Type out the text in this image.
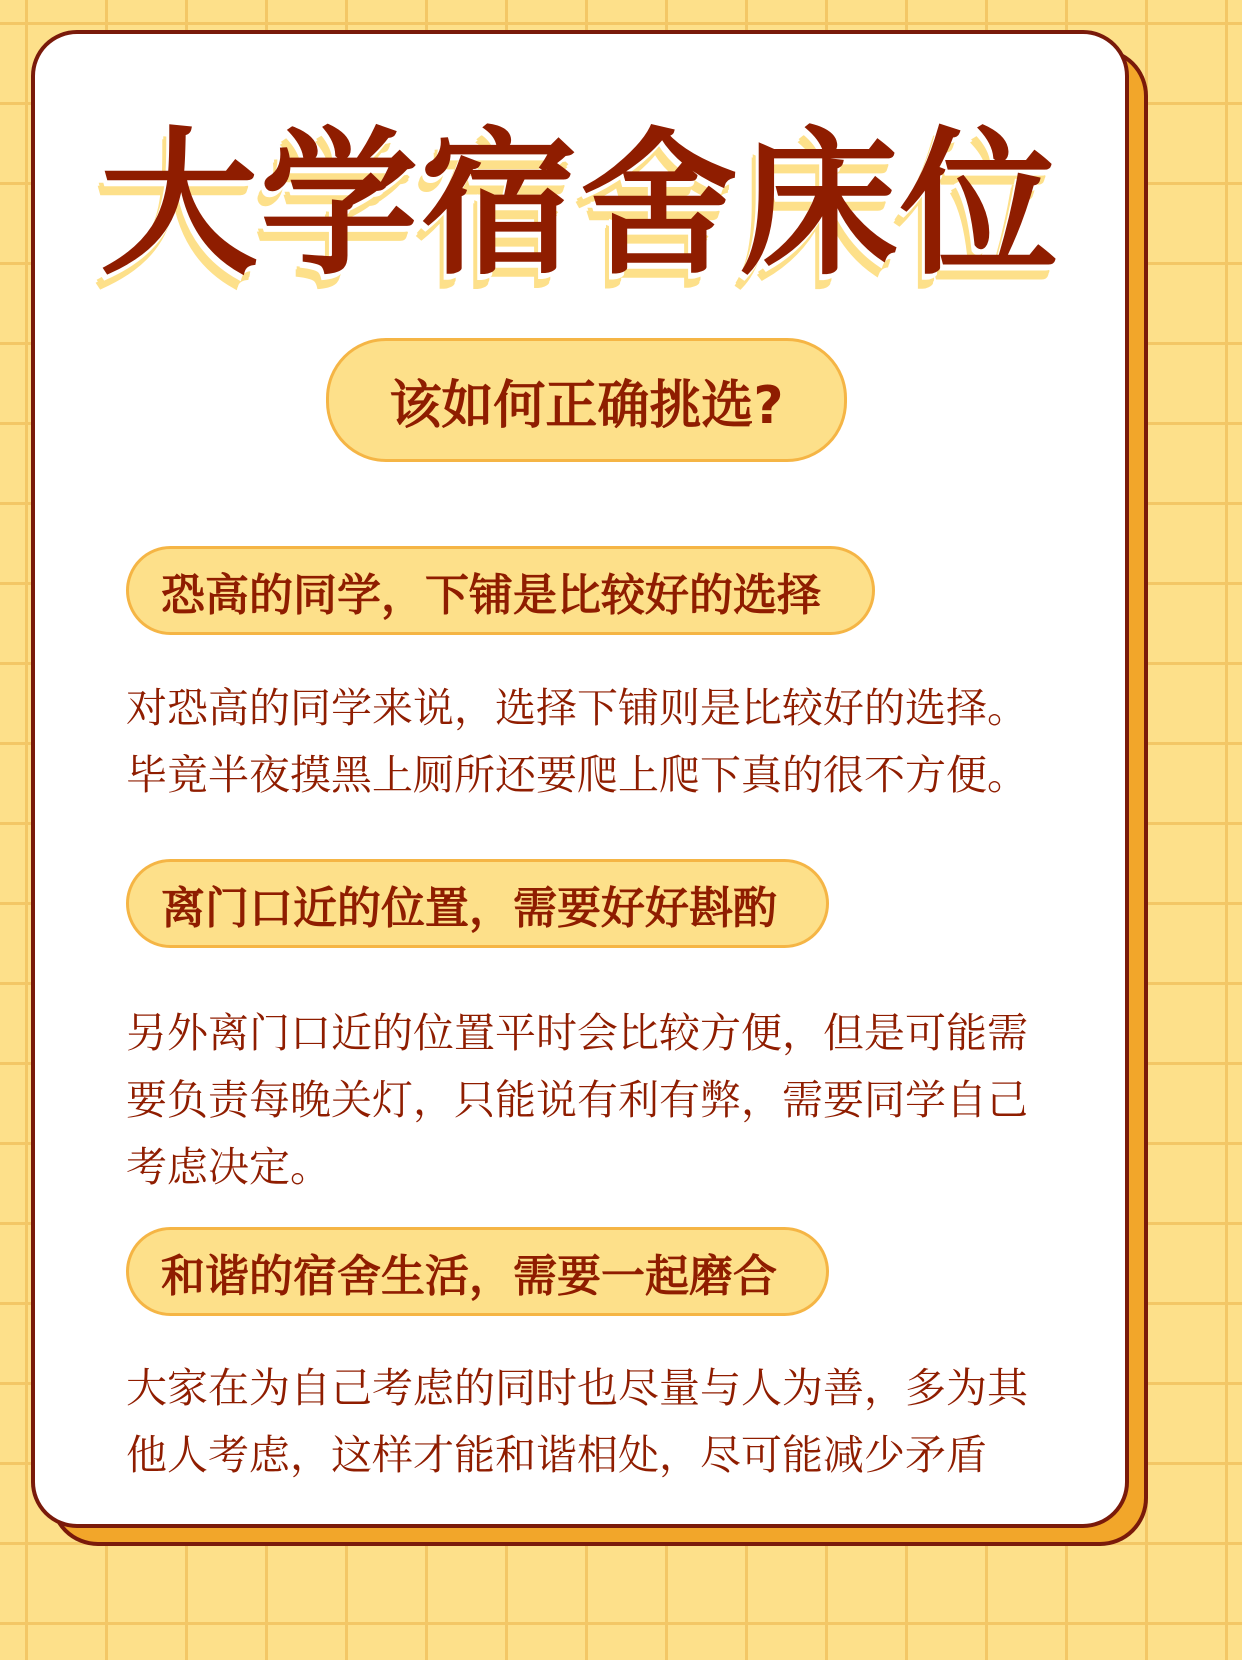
大学宿舍床位
该如何正确挑选?
恐高的同学，下铺是比较好的选择
对恐高的同学来说，选择下铺则是比较好的选择。毕竟半夜摸黑上厕所还要爬上爬下真的很不方便。
离门口近的位置，需要好好斟酌
另外离门口近的位置平时会比较方便，但是可能需要负责每晚关灯，只能说有利有弊，需要同学自己考虑决定。
和谐的宿舍生活，需要一起磨合
大家在为自己考虑的同时也尽量与人为善，多为其他人考虑，这样才能和谐相处，尽可能减少矛盾
